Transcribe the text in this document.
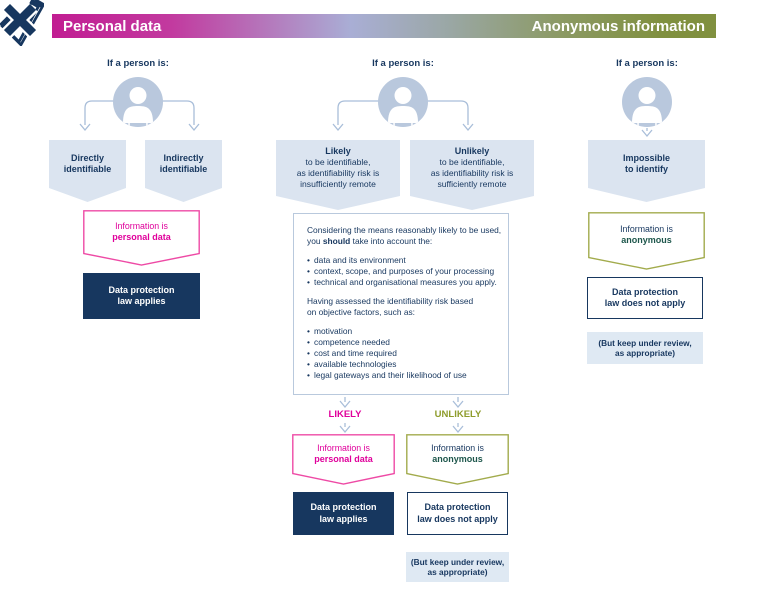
Personal data	Anonymous information
If a person is:
Directly
identifiable
Indirectly
identifiable
Information is
personal data
Data protection
law applies
If a person is:
Likely
to be identifiable,
as identifiability risk is
insufficiently remote
Unlikely
to be identifiable,
as identifiability risk is
sufficiently remote
Considering the means reasonably likely to be used,
you should take into account the:
• data and its environment
• context, scope, and purposes of your processing
• technical and organisational measures you apply.
Having assessed the identifiability risk based
on objective factors, such as:
• motivation
• competence needed
• cost and time required
• available technologies
• legal gateways and their likelihood of use
LIKELY	UNLIKELY
Information is
personal data
Information is
anonymous
Data protection
law applies
Data protection
law does not apply
(But keep under review,
as appropriate)
If a person is:
Impossible
to identify
Information is
anonymous
Data protection
law does not apply
(But keep under review,
as appropriate)
